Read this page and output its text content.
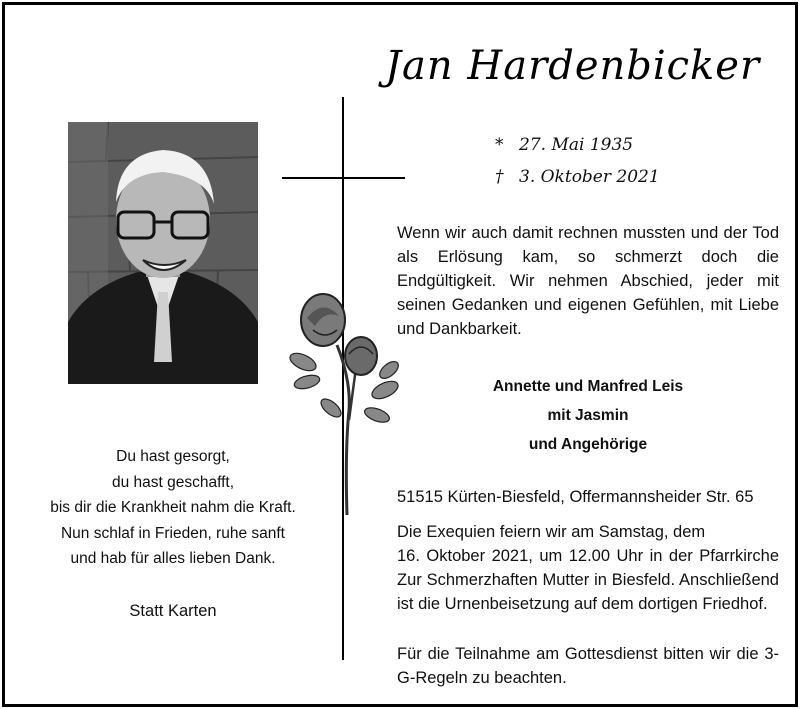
Jan Hardenbicker
* 27. Mai 1935
† 3. Oktober 2021
Wenn wir auch damit rechnen mussten und der Tod als Erlösung kam, so schmerzt doch die Endgültigkeit. Wir nehmen Abschied, jeder mit seinen Gedanken und eigenen Gefühlen, mit Liebe und Dankbarkeit.
Annette und Manfred Leis
mit Jasmin
und Angehörige
51515 Kürten-Biesfeld, Offermannsheider Str. 65
Die Exequien feiern wir am Samstag, dem
16. Oktober 2021, um 12.00 Uhr in der Pfarrkirche Zur Schmerzhaften Mutter in Biesfeld. Anschließend ist die Urnenbeisetzung auf dem dortigen Friedhof.
Für die Teilnahme am Gottesdienst bitten wir die 3-G-Regeln zu beachten.
Du hast gesorgt,
du hast geschafft,
bis dir die Krankheit nahm die Kraft.
Nun schlaf in Frieden, ruhe sanft
und hab für alles lieben Dank.
Statt Karten
